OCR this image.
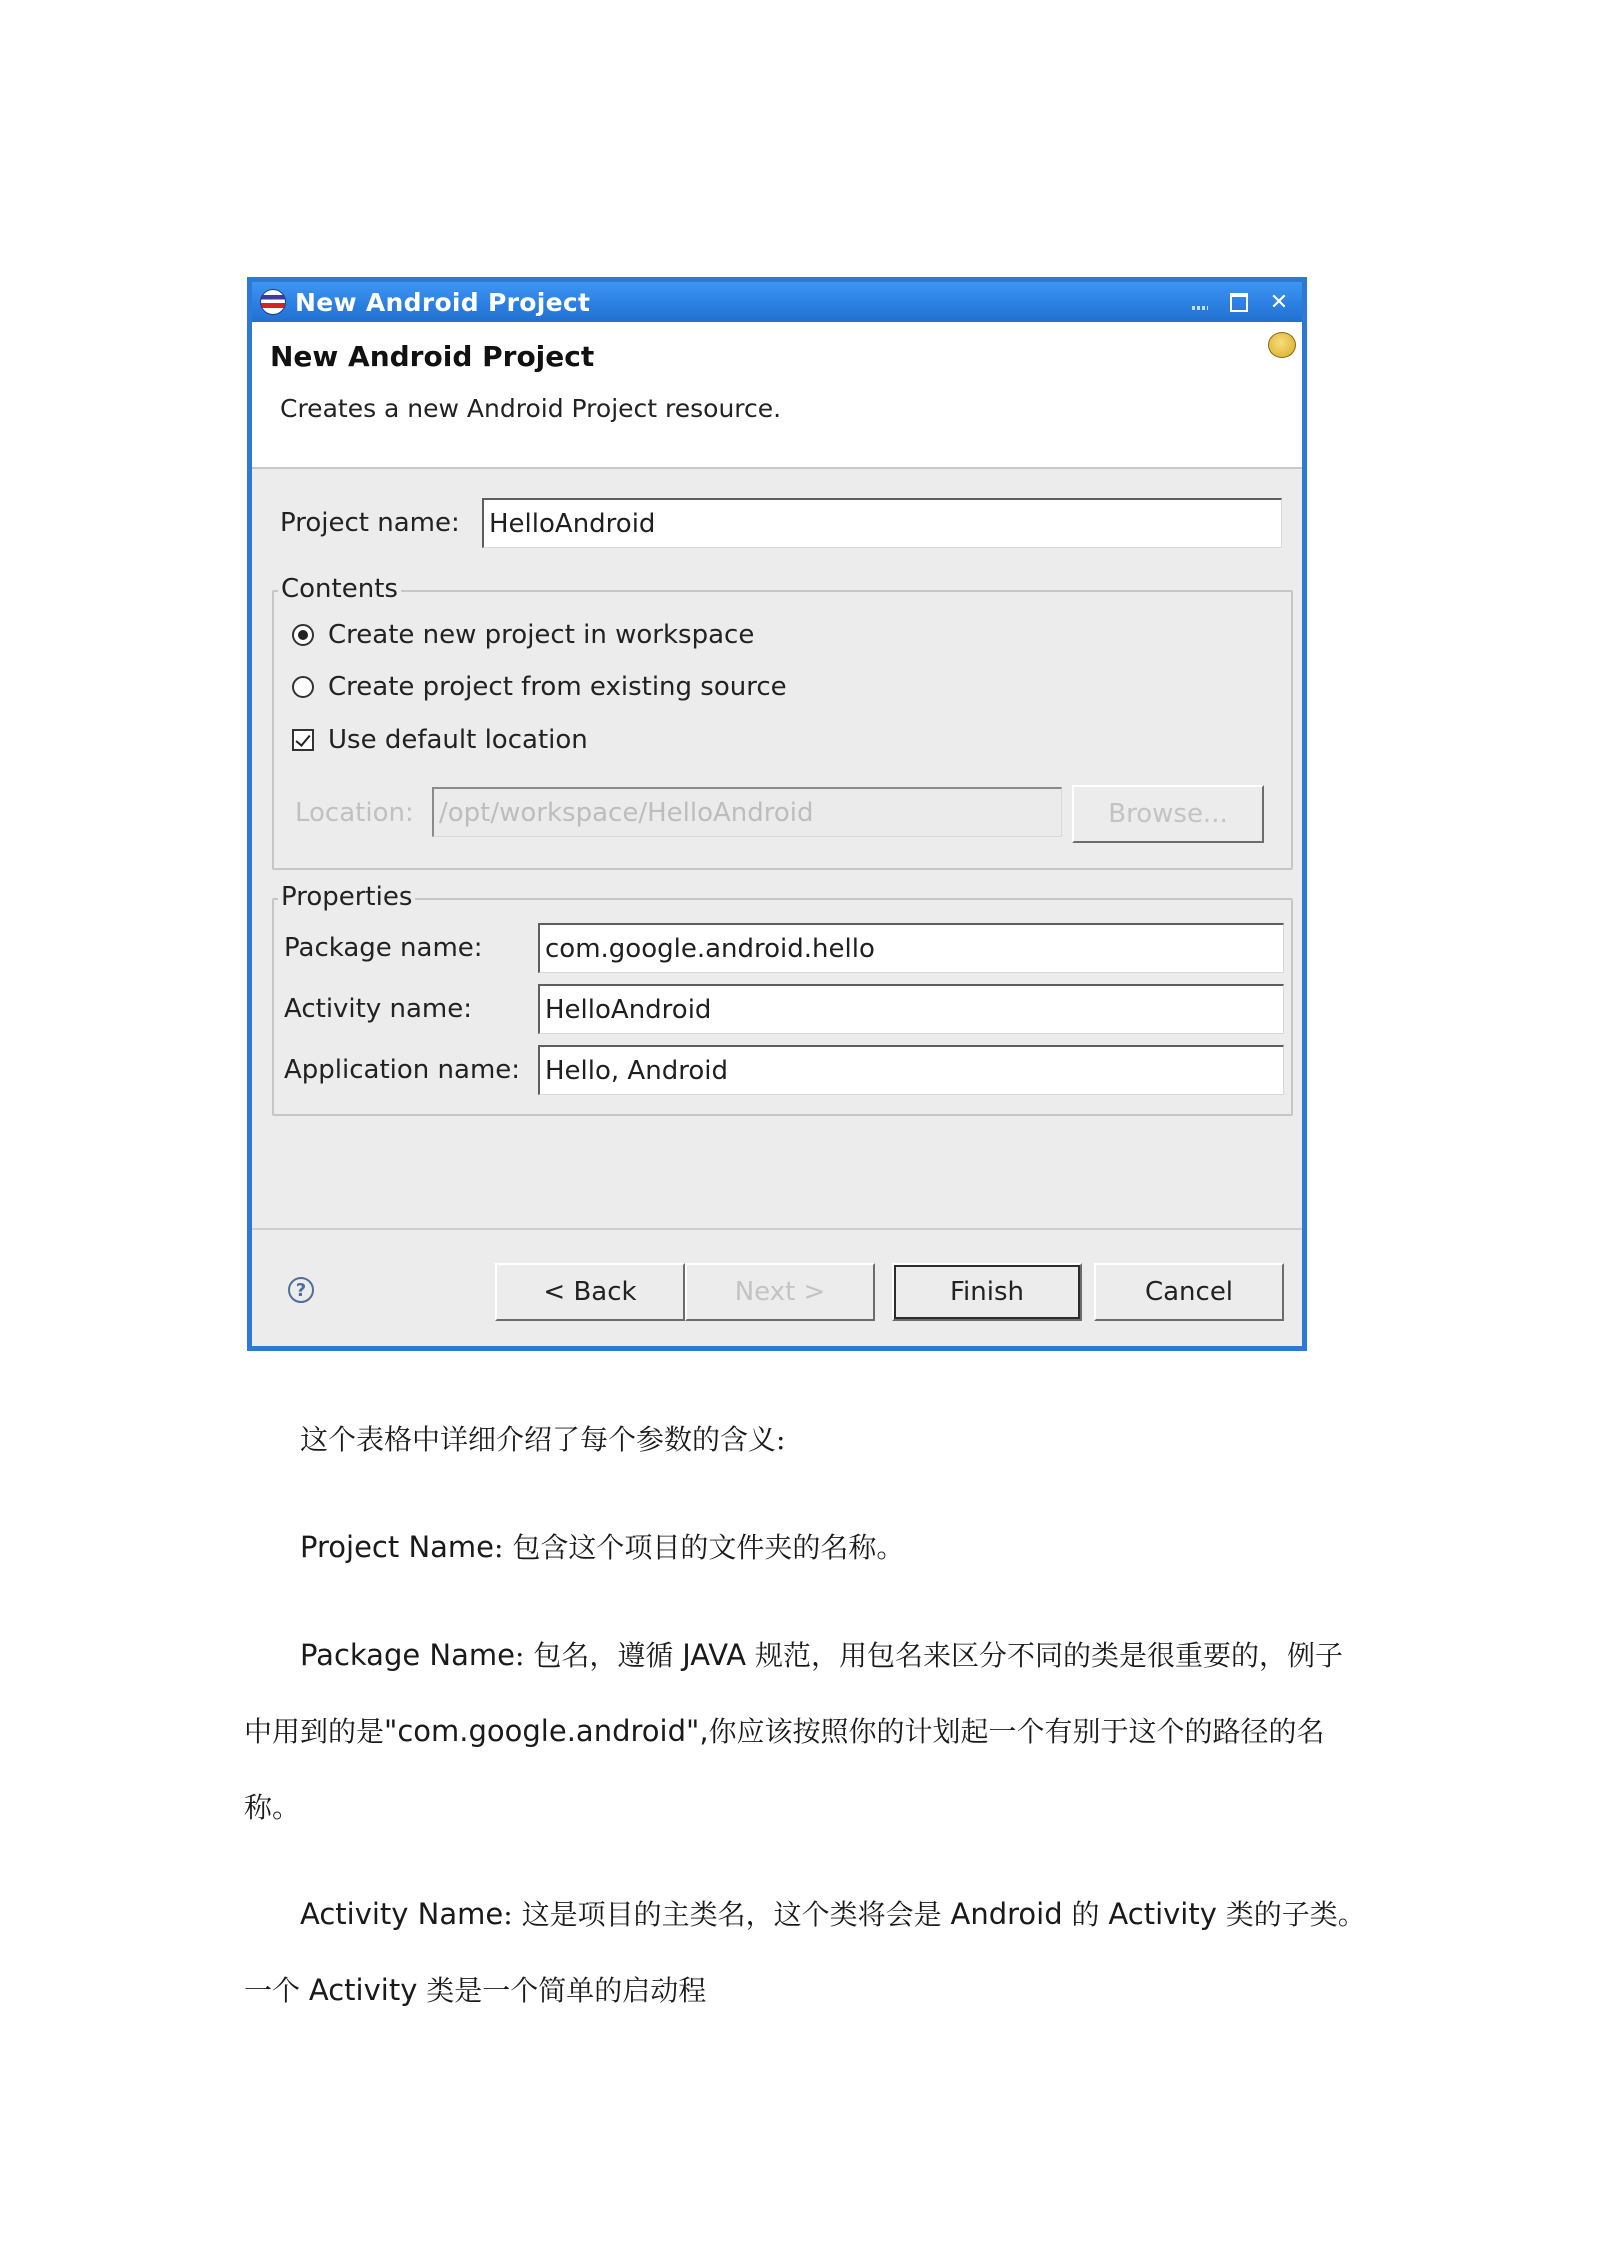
New Android Project	✕
New Android Project
Creates a new Android Project resource.
Project name: HelloAndroid
Contents
Create new project in workspace
Create project from existing source
Use default location
Location: /opt/workspace/HelloAndroid	Browse...
Properties
Package name: com.google.android.hello
Activity name:	HelloAndroid
Application name: Hello, Android
?	< Back	Next >	Finish	Cancel
这个表格中详细介绍了每个参数的含义:
Project Name: 包含这个项目的文件夹的名称。
Package Name: 包名，遵循 JAVA 规范，用包名来区分不同的类是很重要的，例子
中用到的是"com.google.android",你应该按照你的计划起一个有别于这个的路径的名
称。
Activity Name: 这是项目的主类名，这个类将会是 Android 的 Activity 类的子类。
一个 Activity 类是一个简单的启动程
